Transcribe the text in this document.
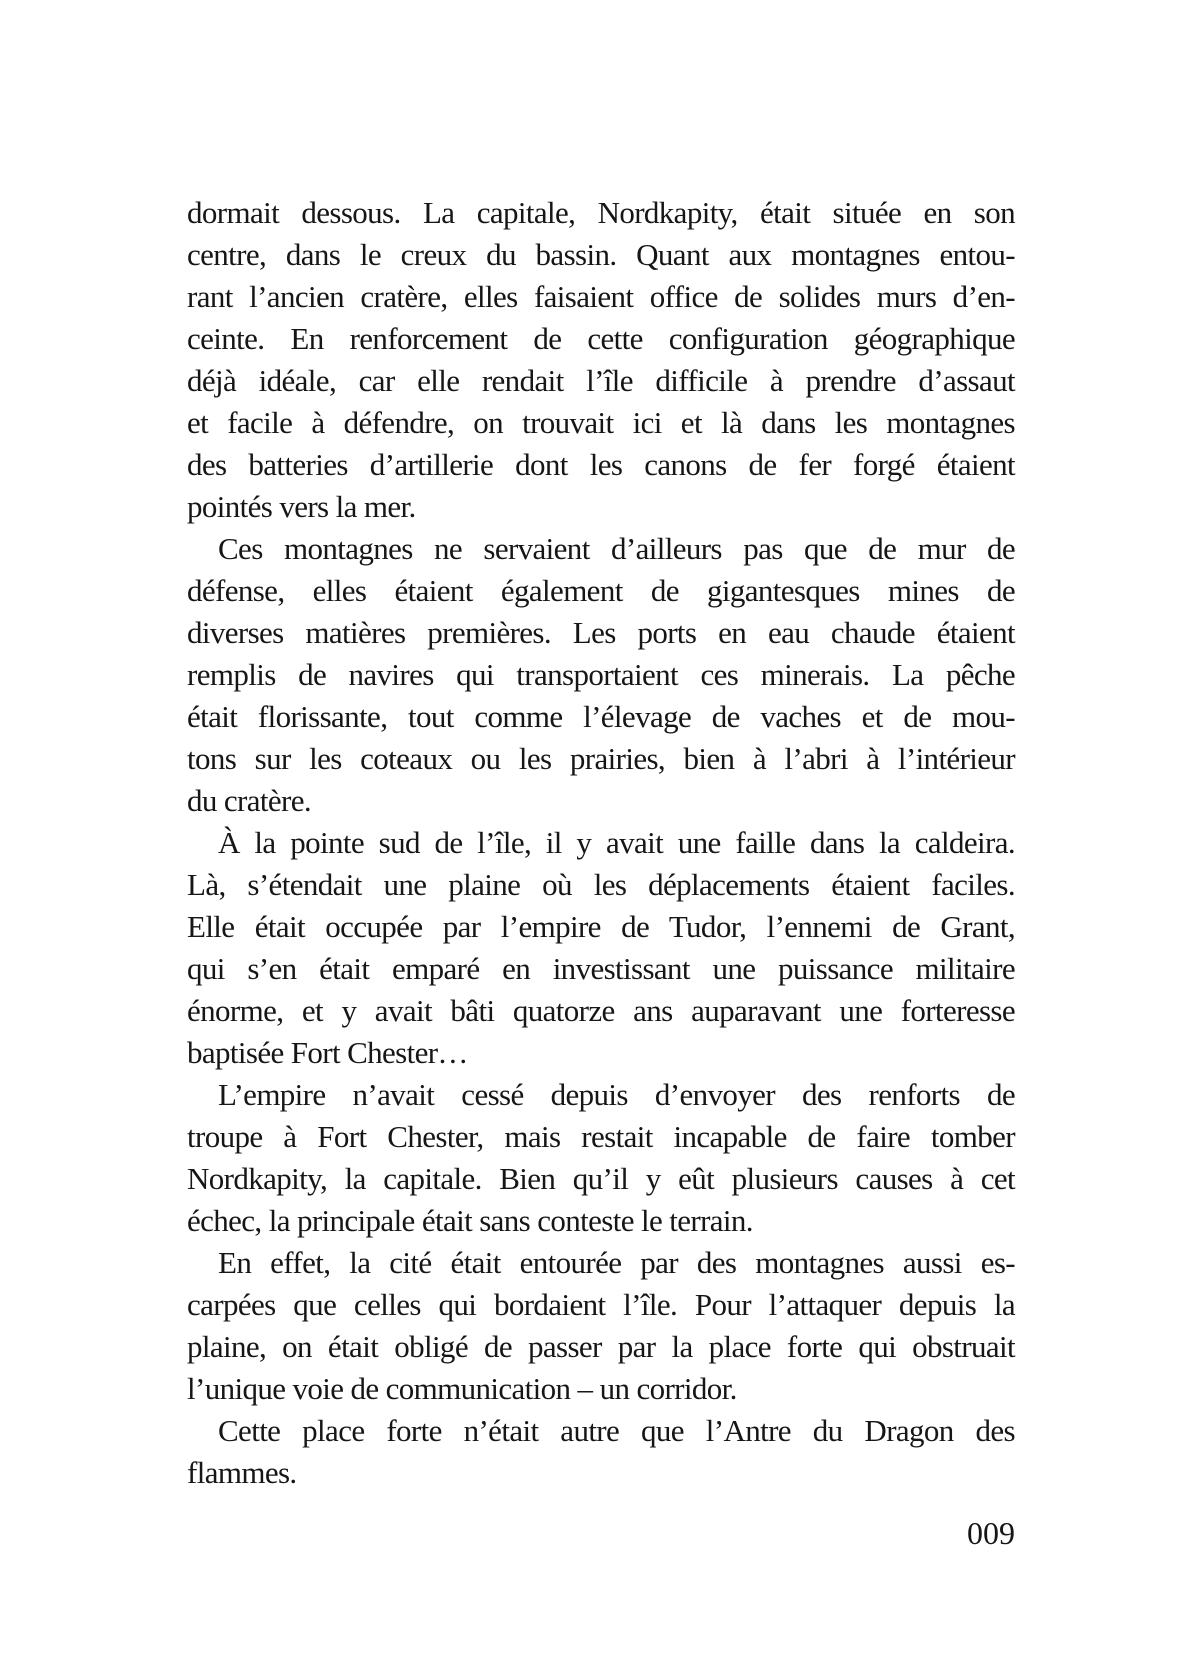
dormait dessous. La capitale, Nordkapity, était située en son

centre, dans le creux du bassin. Quant aux montagnes entou-

rant l’ancien cratère, elles faisaient office de solides murs d’en-

ceinte. En renforcement de cette configuration géographique

déjà idéale, car elle rendait l’île difficile à prendre d’assaut

et facile à défendre, on trouvait ici et là dans les montagnes

des batteries d’artillerie dont les canons de fer forgé étaient

pointés vers la mer.

Ces montagnes ne servaient d’ailleurs pas que de mur de

défense, elles étaient également de gigantesques mines de

diverses matières premières. Les ports en eau chaude étaient

remplis de navires qui transportaient ces minerais. La pêche

était florissante, tout comme l’élevage de vaches et de mou-

tons sur les coteaux ou les prairies, bien à l’abri à l’intérieur

du cratère.

À la pointe sud de l’île, il y avait une faille dans la caldeira.

Là, s’étendait une plaine où les déplacements étaient faciles.

Elle était occupée par l’empire de Tudor, l’ennemi de Grant,

qui s’en était emparé en investissant une puissance militaire

énorme, et y avait bâti quatorze ans auparavant une forteresse

baptisée Fort Chester…

L’empire n’avait cessé depuis d’envoyer des renforts de

troupe à Fort Chester, mais restait incapable de faire tomber

Nordkapity, la capitale. Bien qu’il y eût plusieurs causes à cet

échec, la principale était sans conteste le terrain.

En effet, la cité était entourée par des montagnes aussi es-

carpées que celles qui bordaient l’île. Pour l’attaquer depuis la

plaine, on était obligé de passer par la place forte qui obstruait

l’unique voie de communication – un corridor.

Cette place forte n’était autre que l’Antre du Dragon des

flammes.

009
